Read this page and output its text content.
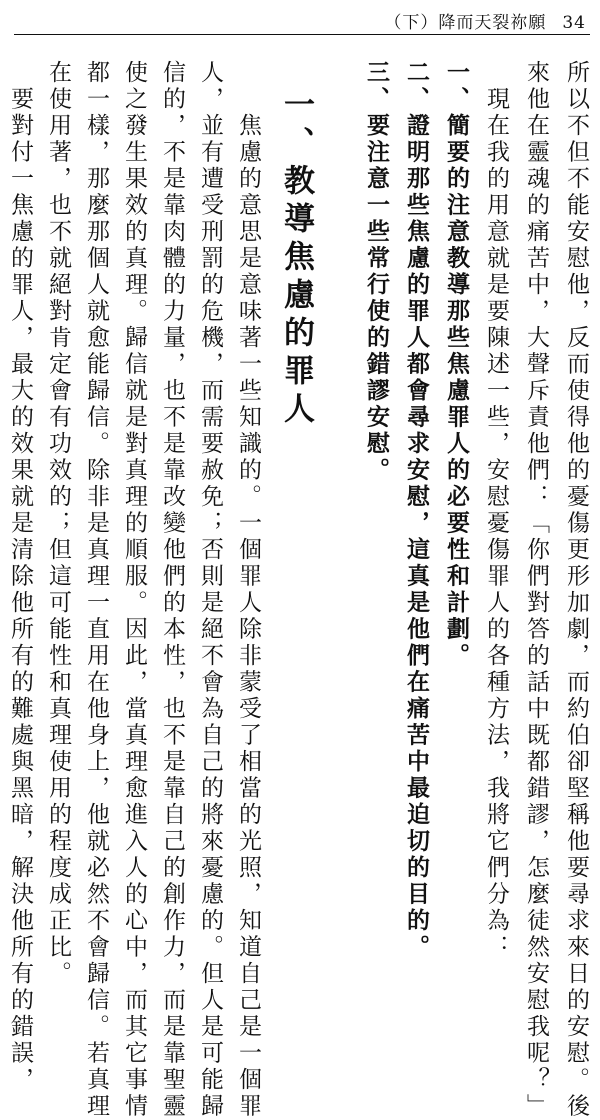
（下）降而天裂祢願 34
所以不但不能安慰他，反而使得他的憂傷更形加劇，而約伯卻堅稱他要尋求來日的安慰。後
來他在靈魂的痛苦中，大聲斥責他們：「你們對答的話中既都錯謬，怎麼徒然安慰我呢？」
　現在我的用意就是要陳述一些，安慰憂傷罪人的各種方法，我將它們分為：
一、簡要的注意教導那些焦慮罪人的必要性和計劃。
二、證明那些焦慮的罪人都會尋求安慰，這真是他們在痛苦中最迫切的目的。
三、要注意一些常行使的錯謬安慰。
一、教導焦慮的罪人
　　焦慮的意思是意味著一些知識的。一個罪人除非蒙受了相當的光照，知道自己是一個罪
人，並有遭受刑罰的危機，而需要赦免；否則是絕不會為自己的將來憂慮的。但人是可能歸
信的，不是靠肉體的力量，也不是靠改變他們的本性，也不是靠自己的創作力，而是靠聖靈
使之發生果效的真理。歸信就是對真理的順服。因此，當真理愈進入人的心中，而其它事情
都一樣，那麼那個人就愈能歸信。除非是真理一直用在他身上，他就必然不會歸信。若真理
在使用著，也不就絕對肯定會有功效的；但這可能性和真理使用的程度成正比。
　要對付一焦慮的罪人，最大的效果就是清除他所有的難處與黑暗，解決他所有的錯誤，
